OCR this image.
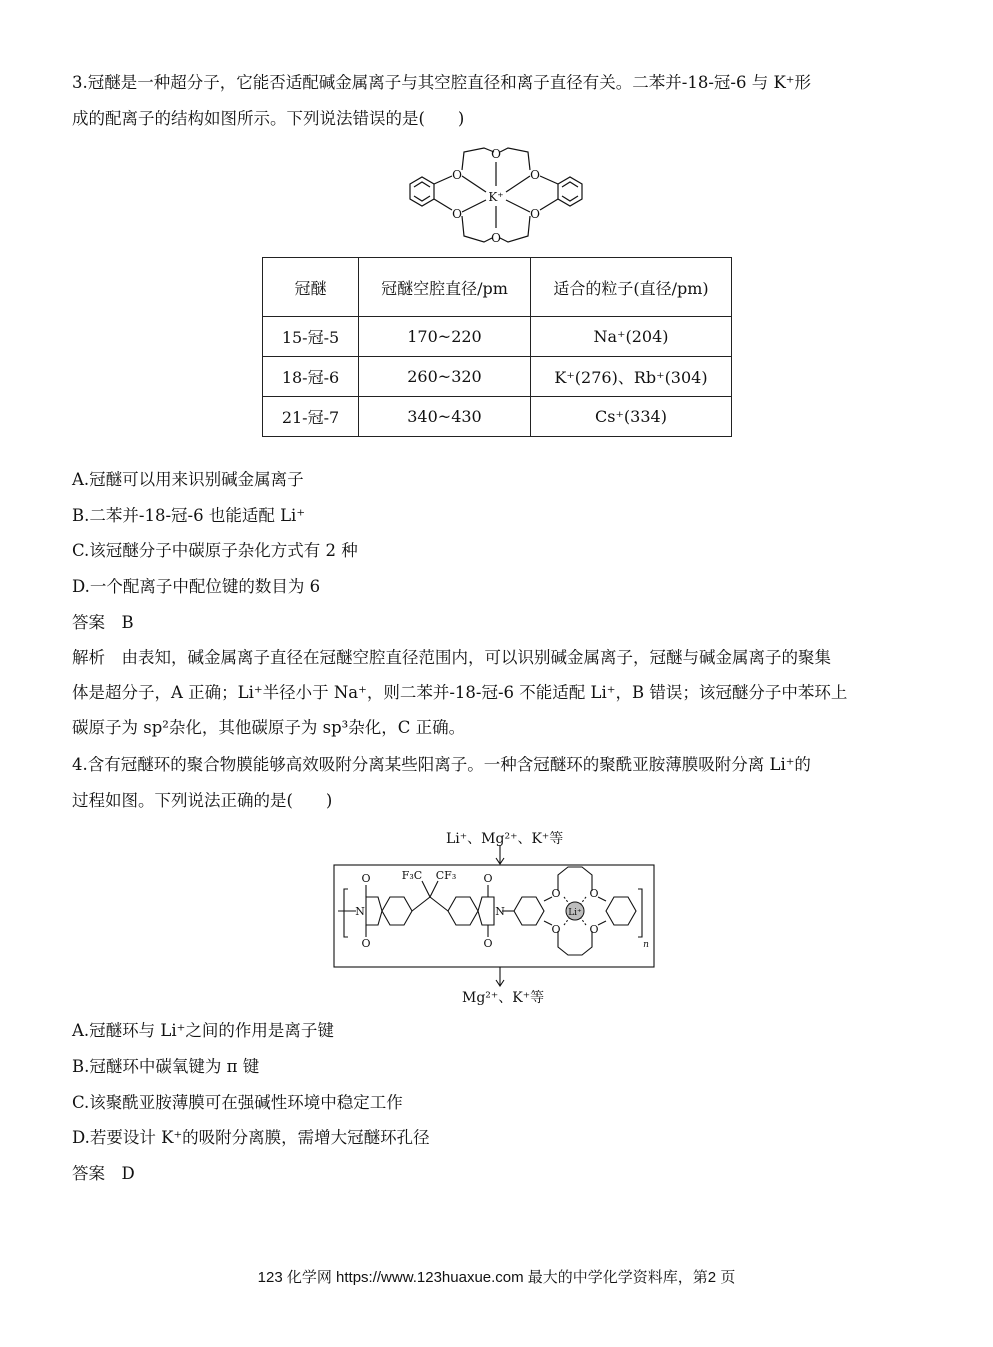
3.冠醚是一种超分子，它能否适配碱金属离子与其空腔直径和离子直径有关。二苯并-18-冠-6 与 K⁺形
成的配离子的结构如图所示。下列说法错误的是(　　)
O	O
O	O
O
O
K⁺
冠醚	冠醚空腔直径/pm	适合的粒子(直径/pm)
15-冠-5	170~220	Na⁺(204)
18-冠-6	260~320	K⁺(276)、Rb⁺(304)
21-冠-7	340~430	Cs⁺(334)
A.冠醚可以用来识别碱金属离子
B.二苯并-18-冠-6 也能适配 Li⁺
C.该冠醚分子中碳原子杂化方式有 2 种
D.一个配离子中配位键的数目为 6
答案　B
解析　由表知，碱金属离子直径在冠醚空腔直径范围内，可以识别碱金属离子，冠醚与碱金属离子的聚集
体是超分子，A 正确；Li⁺半径小于 Na⁺，则二苯并-18-冠-6 不能适配 Li⁺，B 错误；该冠醚分子中苯环上
碳原子为 sp²杂化，其他碳原子为 sp³杂化，C 正确。
4.含有冠醚环的聚合物膜能够高效吸附分离某些阳离子。一种含冠醚环的聚酰亚胺薄膜吸附分离 Li⁺的
过程如图。下列说法正确的是(　　)
Li⁺、Mg²⁺、K⁺等
O
O
N
F₃C CF₃ O
O
N
O	O
O	O
Li⁺
n
Mg²⁺、K⁺等
A.冠醚环与 Li⁺之间的作用是离子键
B.冠醚环中碳氧键为 π 键
C.该聚酰亚胺薄膜可在强碱性环境中稳定工作
D.若要设计 K⁺的吸附分离膜，需增大冠醚环孔径
答案　D
123 化学网 https://www.123huaxue.com 最大的中学化学资料库，第2 页
